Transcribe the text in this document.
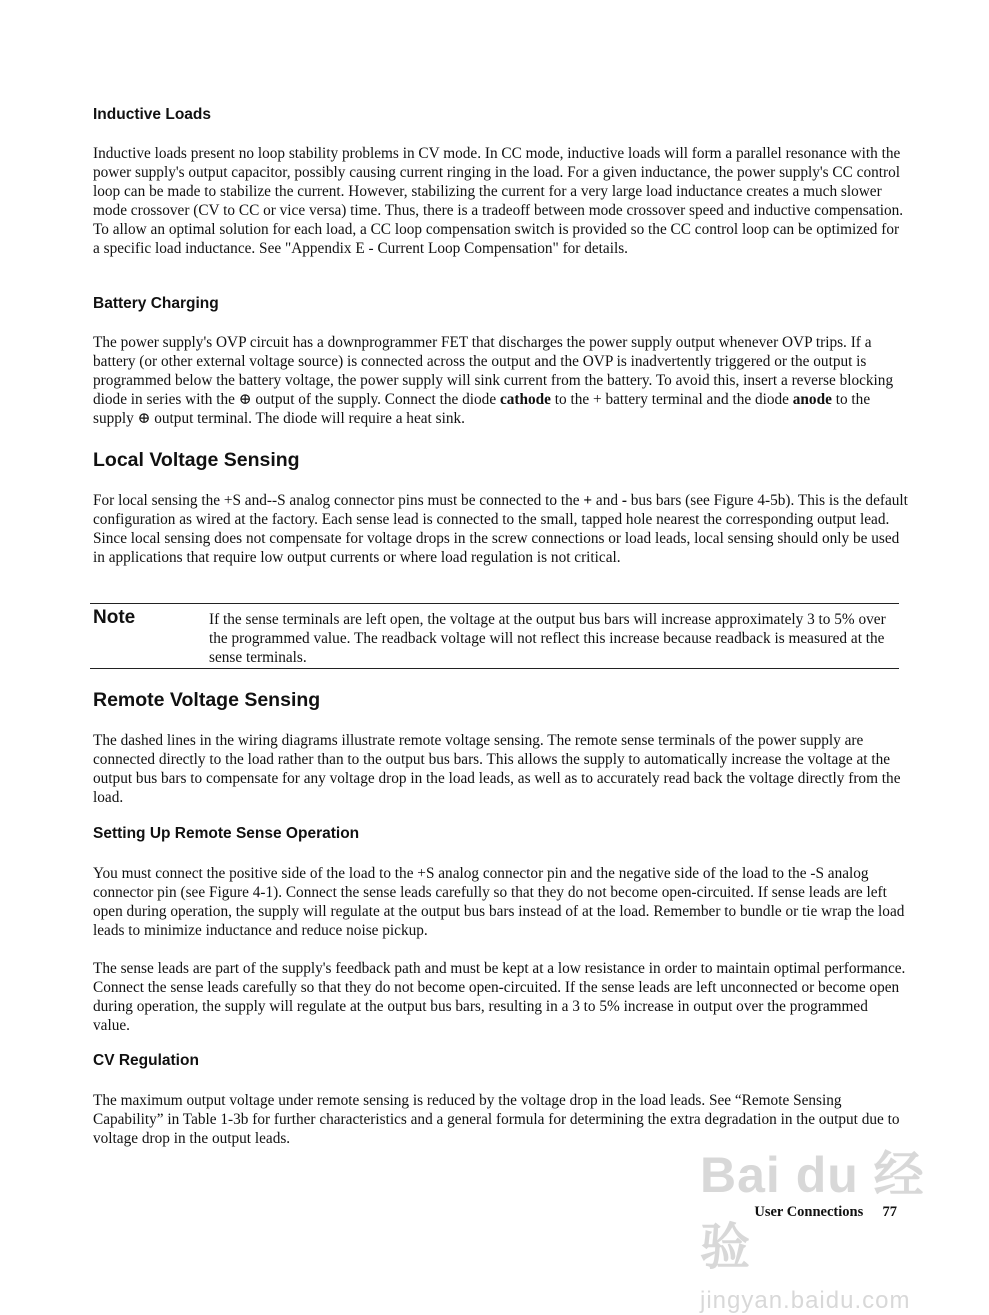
Inductive Loads

Inductive loads present no loop stability problems in CV mode. In CC mode, inductive loads will form a parallel resonance with the power supply's output capacitor, possibly causing current ringing in the load. For a given inductance, the power supply's CC control loop can be made to stabilize the current. However, stabilizing the current for a very large load inductance creates a much slower mode crossover (CV to CC or vice versa) time. Thus, there is a tradeoff between mode crossover speed and inductive compensation. To allow an optimal solution for each load, a CC loop compensation switch is provided so the CC control loop can be optimized for a specific load inductance. See "Appendix E - Current Loop Compensation" for details.

Battery Charging

The power supply's OVP circuit has a downprogrammer FET that discharges the power supply output whenever OVP trips. If a battery (or other external voltage source) is connected across the output and the OVP is inadvertently triggered or the output is programmed below the battery voltage, the power supply will sink current from the battery. To avoid this, insert a reverse blocking diode in series with the ⊕ output of the supply. Connect the diode cathode to the + battery terminal and the diode anode to the supply ⊕ output terminal. The diode will require a heat sink.

Local Voltage Sensing

For local sensing the +S and--S analog connector pins must be connected to the + and - bus bars (see Figure 4-5b). This is the default configuration as wired at the factory. Each sense lead is connected to the small, tapped hole nearest the corresponding output lead. Since local sensing does not compensate for voltage drops in the screw connections or load leads, local sensing should only be used in applications that require low output currents or where load regulation is not critical.

Note	If the sense terminals are left open, the voltage at the output bus bars will increase approximately 3 to 5% over the programmed value. The readback voltage will not reflect this increase because readback is measured at the sense terminals.
Remote Voltage Sensing

The dashed lines in the wiring diagrams illustrate remote voltage sensing. The remote sense terminals of the power supply are connected directly to the load rather than to the output bus bars. This allows the supply to automatically increase the voltage at the output bus bars to compensate for any voltage drop in the load leads, as well as to accurately read back the voltage directly from the load.

Setting Up Remote Sense Operation

You must connect the positive side of the load to the +S analog connector pin and the negative side of the load to the -S analog connector pin (see Figure 4-1). Connect the sense leads carefully so that they do not become open-circuited. If sense leads are left open during operation, the supply will regulate at the output bus bars instead of at the load. Remember to bundle or tie wrap the load leads to minimize inductance and reduce noise pickup.

The sense leads are part of the supply's feedback path and must be kept at a low resistance in order to maintain optimal performance. Connect the sense leads carefully so that they do not become open-circuited. If the sense leads are left unconnected or become open during operation, the supply will regulate at the output bus bars, resulting in a 3 to 5% increase in output over the programmed value.

CV Regulation

The maximum output voltage under remote sensing is reduced by the voltage drop in the load leads. See “Remote Sensing Capability” in Table 1-3b for further characteristics and a general formula for determining the extra degradation in the output due to voltage drop in the output leads.

Bai du 经验
jingyan.baidu.com
User Connections 77
